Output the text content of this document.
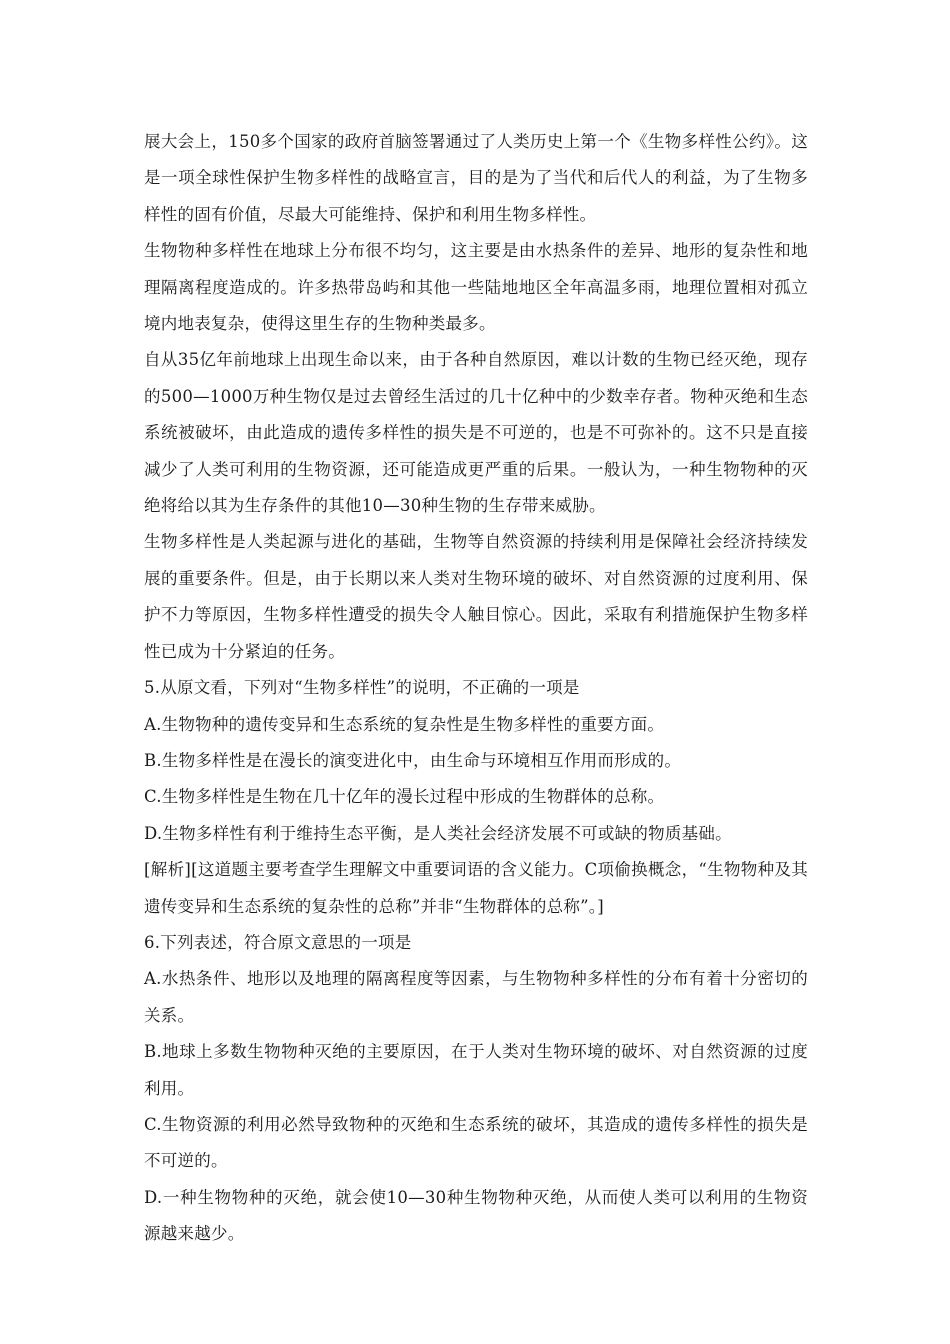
展大会上，150多个国家的政府首脑签署通过了人类历史上第一个《生物多样性公约》。这是一项全球性保护生物多样性的战略宣言，目的是为了当代和后代人的利益，为了生物多样性的固有价值，尽最大可能维持、保护和利用生物多样性。

生物物种多样性在地球上分布很不均匀，这主要是由水热条件的差异、地形的复杂性和地理隔离程度造成的。许多热带岛屿和其他一些陆地地区全年高温多雨，地理位置相对孤立境内地表复杂，使得这里生存的生物种类最多。

自从35亿年前地球上出现生命以来，由于各种自然原因，难以计数的生物已经灭绝，现存的500—1000万种生物仅是过去曾经生活过的几十亿种中的少数幸存者。物种灭绝和生态系统被破坏，由此造成的遗传多样性的损失是不可逆的，也是不可弥补的。这不只是直接减少了人类可利用的生物资源，还可能造成更严重的后果。一般认为，一种生物物种的灭绝将给以其为生存条件的其他10—30种生物的生存带来威胁。

生物多样性是人类起源与进化的基础，生物等自然资源的持续利用是保障社会经济持续发展的重要条件。但是，由于长期以来人类对生物环境的破坏、对自然资源的过度利用、保护不力等原因，生物多样性遭受的损失令人触目惊心。因此，采取有利措施保护生物多样性已成为十分紧迫的任务。

5.从原文看，下列对“生物多样性”的说明，不正确的一项是

A.生物物种的遗传变异和生态系统的复杂性是生物多样性的重要方面。

B.生物多样性是在漫长的演变进化中，由生命与环境相互作用而形成的。

C.生物多样性是生物在几十亿年的漫长过程中形成的生物群体的总称。

D.生物多样性有利于维持生态平衡，是人类社会经济发展不可或缺的物质基础。

[解析][这道题主要考查学生理解文中重要词语的含义能力。C项偷换概念，“生物物种及其遗传变异和生态系统的复杂性的总称”并非“生物群体的总称”。]

6.下列表述，符合原文意思的一项是

A.水热条件、地形以及地理的隔离程度等因素，与生物物种多样性的分布有着十分密切的关系。

B.地球上多数生物物种灭绝的主要原因，在于人类对生物环境的破坏、对自然资源的过度利用。

C.生物资源的利用必然导致物种的灭绝和生态系统的破坏，其造成的遗传多样性的损失是不可逆的。

D.一种生物物种的灭绝，就会使10—30种生物物种灭绝，从而使人类可以利用的生物资源越来越少。
